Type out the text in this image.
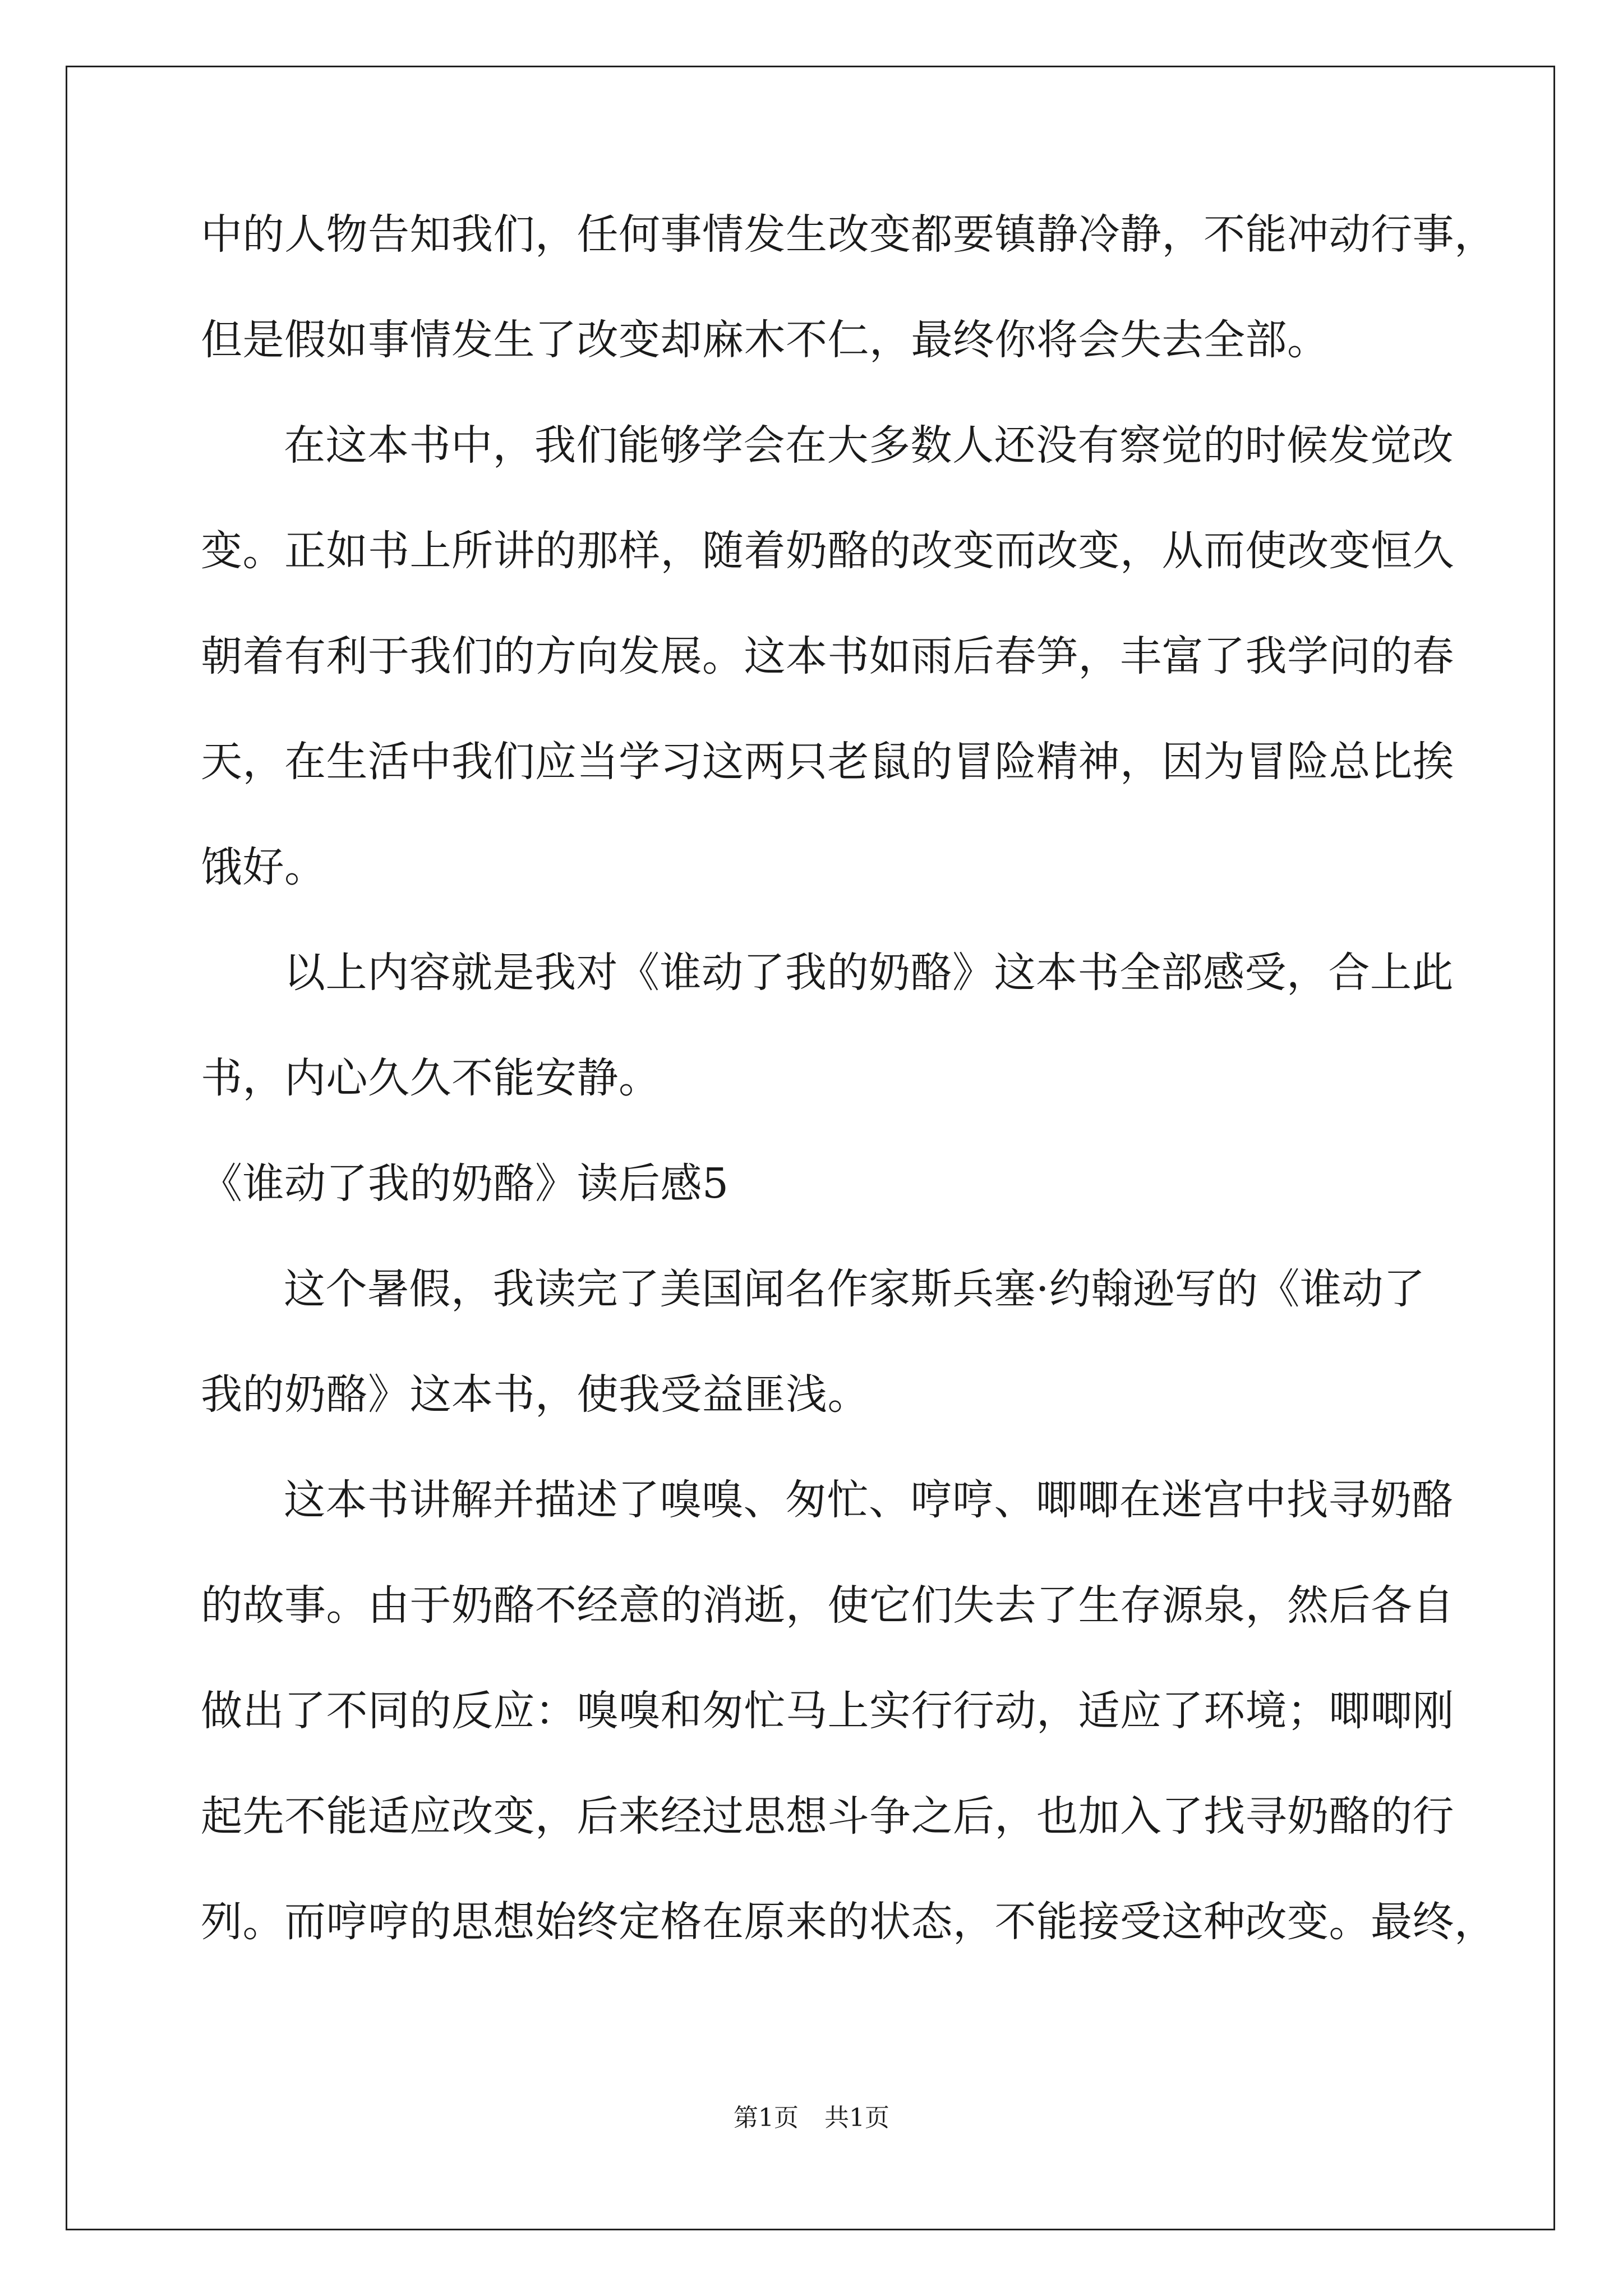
中的人物告知我们，任何事情发生改变都要镇静冷静，不能冲动行事，
但是假如事情发生了改变却麻木不仁，最终你将会失去全部。
在这本书中，我们能够学会在大多数人还没有察觉的时候发觉改
变。正如书上所讲的那样，随着奶酪的改变而改变，从而使改变恒久
朝着有利于我们的方向发展。这本书如雨后春笋，丰富了我学问的春
天，在生活中我们应当学习这两只老鼠的冒险精神，因为冒险总比挨
饿好。
以上内容就是我对《谁动了我的奶酪》这本书全部感受，合上此
书，内心久久不能安静。
《谁动了我的奶酪》读后感5
这个暑假，我读完了美国闻名作家斯兵塞·约翰逊写的《谁动了
我的奶酪》这本书，使我受益匪浅。
这本书讲解并描述了嗅嗅、匆忙、哼哼、唧唧在迷宫中找寻奶酪
的故事。由于奶酪不经意的消逝，使它们失去了生存源泉，然后各自
做出了不同的反应：嗅嗅和匆忙马上实行行动，适应了环境；唧唧刚
起先不能适应改变，后来经过思想斗争之后，也加入了找寻奶酪的行
列。而哼哼的思想始终定格在原来的状态，不能接受这种改变。最终，
第1页 共1页
